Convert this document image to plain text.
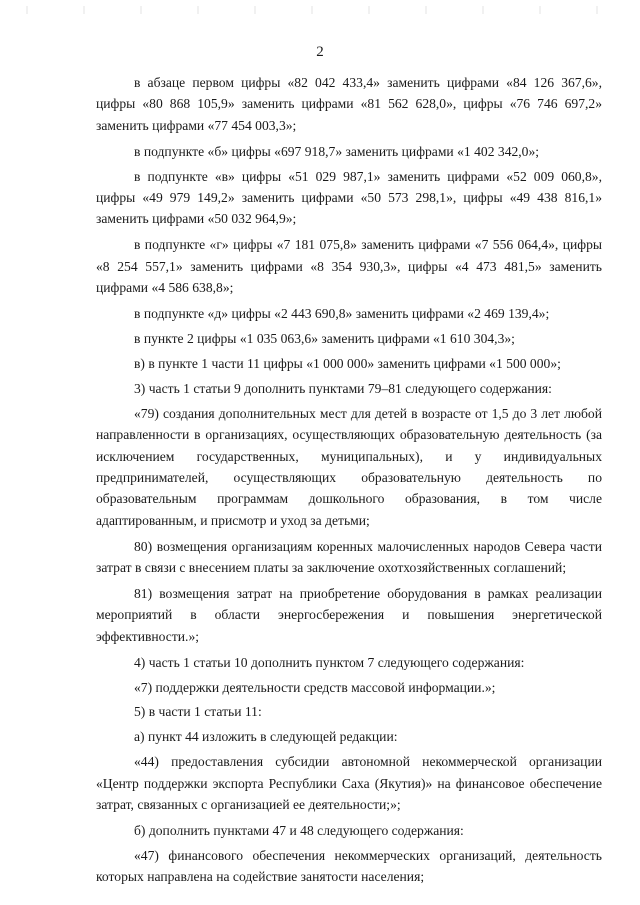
2

в абзаце первом цифры «82 042 433,4» заменить цифрами «84 126 367,6», цифры «80 868 105,9» заменить цифрами «81 562 628,0», цифры «76 746 697,2» заменить цифрами «77 454 003,3»;

в подпункте «б» цифры «697 918,7» заменить цифрами «1 402 342,0»;

в подпункте «в» цифры «51 029 987,1» заменить цифрами «52 009 060,8», цифры «49 979 149,2» заменить цифрами «50 573 298,1», цифры «49 438 816,1» заменить цифрами «50 032 964,9»;

в подпункте «г» цифры «7 181 075,8» заменить цифрами «7 556 064,4», цифры «8 254 557,1» заменить цифрами «8 354 930,3», цифры «4 473 481,5» заменить цифрами «4 586 638,8»;

в подпункте «д» цифры «2 443 690,8» заменить цифрами «2 469 139,4»;

в пункте 2 цифры «1 035 063,6» заменить цифрами «1 610 304,3»;

в) в пункте 1 части 11 цифры «1 000 000» заменить цифрами «1 500 000»;

3) часть 1 статьи 9 дополнить пунктами 79–81 следующего содержания:

«79) создания дополнительных мест для детей в возрасте от 1,5 до 3 лет любой направленности в организациях, осуществляющих образовательную деятельность (за исключением государственных, муниципальных), и у индивидуальных предпринимателей, осуществляющих образовательную деятельность по образовательным программам дошкольного образования, в том числе адаптированным, и присмотр и уход за детьми;

80) возмещения организациям коренных малочисленных народов Севера части затрат в связи с внесением платы за заключение охотхозяйственных соглашений;

81) возмещения затрат на приобретение оборудования в рамках реализации мероприятий в области энергосбережения и повышения энергетической эффективности.»;

4) часть 1 статьи 10 дополнить пунктом 7 следующего содержания:

«7) поддержки деятельности средств массовой информации.»;

5) в части 1 статьи 11:

а) пункт 44 изложить в следующей редакции:

«44) предоставления субсидии автономной некоммерческой организации «Центр поддержки экспорта Республики Саха (Якутия)» на финансовое обеспечение затрат, связанных с организацией ее деятельности;»;

б) дополнить пунктами 47 и 48 следующего содержания:

«47) финансового обеспечения некоммерческих организаций, деятельность которых направлена на содействие занятости населения;
